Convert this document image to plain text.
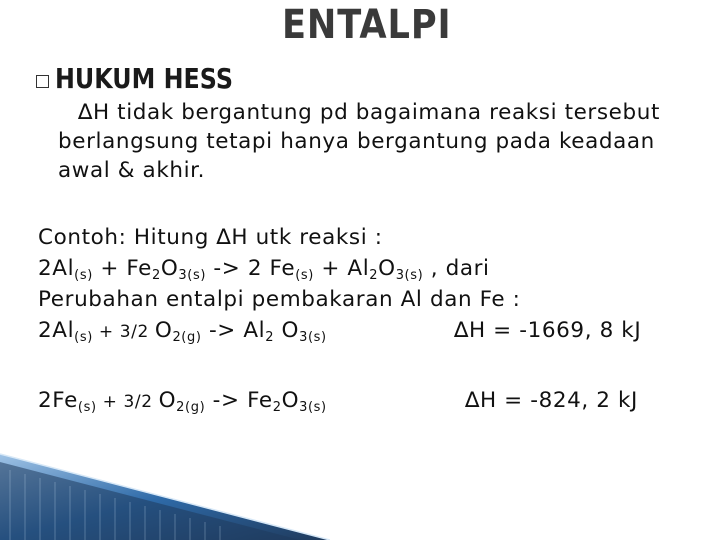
ENTALPI
HUKUM HESS
∆H tidak bergantung pd bagaimana reaksi tersebut
berlangsung tetapi hanya bergantung pada keadaan
awal & akhir.
Contoh: Hitung ∆H utk reaksi :
$2Al_{(s)} + Fe_2O_{3(s)} -> 2$ $Fe_{(s)} + Al_2O_{3(s)}$ , dari
Perubahan entalpi pembakaran Al dan Fe :
$2Al_{(s)} + 3/2$ $O_{2(g)} -> Al_2$ $O_{3(s)}$	∆H = -1669, 8 kJ
$2Fe_{(s)} + 3/2$ $O_{2(g)} -> Fe_2O_{3(s)}$	∆H = -824, 2 kJ
